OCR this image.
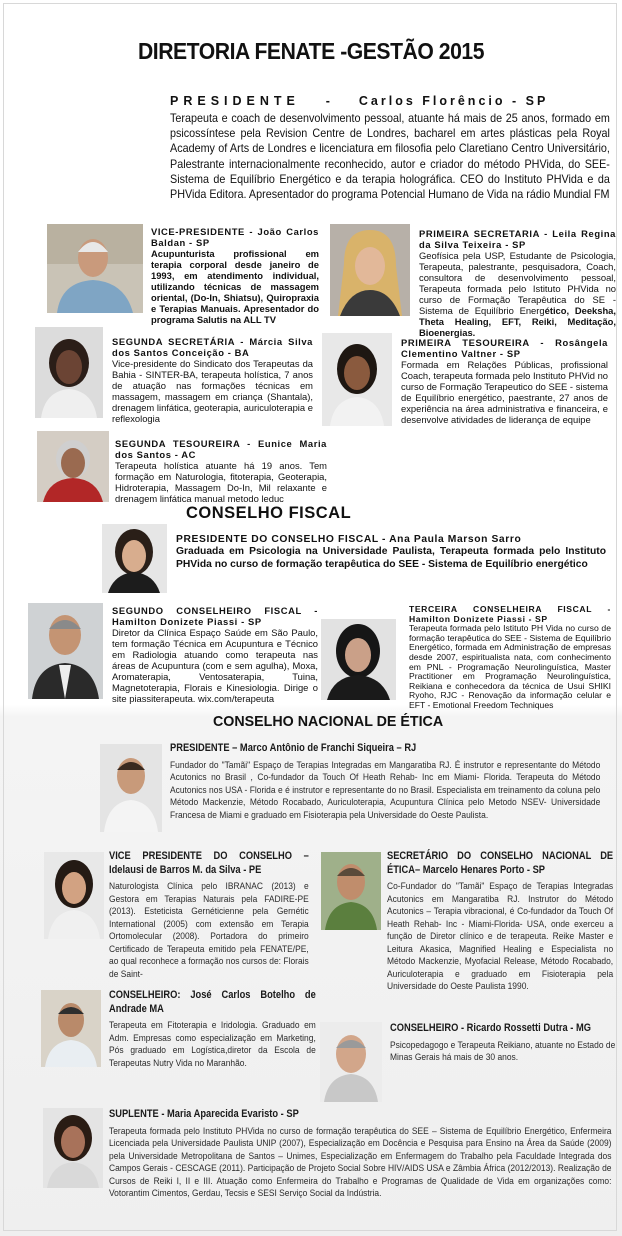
DIRETORIA FENATE -GESTÃO 2015
PRESIDENTE - Carlos Florêncio - SP
Terapeuta e coach de desenvolvimento pessoal, atuante há mais de 25 anos, formado em psicossíntese pela Revision Centre de Londres, bacharel em artes plásticas pela Royal Academy of Arts de Londres e licenciatura em filosofia pelo Claretiano Centro Universitário, Palestrante internacionalmente reconhecido, autor e criador do método PHVida, do SEE-Sistema de Equilíbrio Energético e da terapia holográfica. CEO do Instituto PHVida e da PHVida Editora. Apresentador do programa Potencial Humano de Vida na rádio Mundial FM
VICE-PRESIDENTE - João Carlos Baldan - SP
Acupunturista profissional em terapia corporal desde janeiro de 1993, em atendimento individual, utilizando técnicas de massagem oriental, (Do-In, Shiatsu), Quiropraxia e Terapias Manuais. Apresentador do programa Salutis na ALL TV
PRIMEIRA SECRETARIA - Leila Regina da Silva Teixeira - SP
Geofísica pela USP, Estudante de Psicologia, Terapeuta, palestrante, pesquisadora, Coach, consultora de desenvolvimento pessoal, Terapeuta formada pelo Istituto PHVida no curso de Formação Terapêutica do SE - Sistema de Equilíbrio Energético, Deeksha, Theta Healing, EFT, Reiki, Meditação, Bioenergias.
SEGUNDA SECRETÁRIA - Márcia Silva dos Santos Conceição - BA
Vice-presidente do Sindicato dos Terapeutas da Bahia - SINTER-BA, terapeuta holística, 7 anos de atuação nas formações técnicas em massagem, massagem em criança (Shantala), drenagem linfática, geoterapia, auriculoterapia e reflexologia
PRIMEIRA TESOUREIRA - Rosângela Clementino Valtner - SP
Formada em Relações Públicas, profissional Coach, terapeuta formada pelo Instituto PHVid no curso de Formação Terapeutico do SEE - sistema de Equilíbrio energético, paestrante, 27 anos de experiência na área administrativa e financeira, e desenvolve atividades de liderança de equipe
SEGUNDA TESOUREIRA - Eunice Maria dos Santos - AC
Terapeuta holística atuante há 19 anos. Tem formação em Naturologia, fitoterapia, Geoterapia, Hidroterapia, Massagem Do-In, Mil relaxante e drenagem linfática manual metodo leduc
CONSELHO FISCAL
PRESIDENTE DO CONSELHO FISCAL - Ana Paula Marson Sarro
Graduada em Psicologia na Universidade Paulista, Terapeuta formada pelo Instituto PHVida no curso de formação terapêutica do SEE - Sistema de Equilíbrio energético
SEGUNDO CONSELHEIRO FISCAL - Hamilton Donizete Piassi - SP
Diretor da Clínica Espaço Saúde em São Paulo, tem formação Técnica em Acupuntura e Técnico em Radiologia atuando como terapeuta nas áreas de Acupuntura (com e sem agulha), Moxa, Aromaterapia, Ventosaterapia, Tuina, Magnetoterapia, Florais e Kinesiologia. Dirige o site piassiterapeuta. wix.com/terapeuta
TERCEIRA CONSELHEIRA FISCAL - Hamilton Donizete Piassi - SP
Terapeuta formada pelo Istituto PH Vida no curso de formação terapêutica do SEE - Sistema de Equilíbrio Energético, formada em Administração de empresas desde 2007, espiritualista nata, com conhecimento em PNL - Programação Neurolinguística, Master Practitioner em Programação Neurolinguística, Reikiana e conhecedora da técnica de Usui SHIKI Ryoho, RJC - Renovação da informação celular e EFT - Emotional Freedom Techniques
CONSELHO NACIONAL DE ÉTICA
PRESIDENTE – Marco Antônio de Franchi Siqueira – RJ
Fundador do "Tamãi" Espaço de Terapias Integradas em Mangaratiba RJ. É instrutor e representante do Método Acutonics no Brasil , Co-fundador da Touch Of Heath Rehab- Inc em Miami- Florida. Terapeuta do Método Acutonics nos USA - Florida e é instrutor e representante do no Brasil. Especialista em treinamento da coluna pelo Método Mackenzie, Método Rocabado, Auriculoterapia, Acupuntura Clínica pelo Metodo NSEV- Universidade Francesa de Miami e graduado em Fisioterapia pela Universidade do Oeste Paulista.
VICE PRESIDENTE DO CONSELHO – Idelausi de Barros M. da Silva - PE
Naturologista Clínica pelo IBRANAC (2013) e Gestora em Terapias Naturais pela FADIRE-PE (2013). Esteticista Gernéticienne pela Gernétic International (2005) com extensão em Terapia Ortomolecular (2008). Portadora do primeiro Certificado de Terapeuta emitido pela FENATE/PE, ao qual reconhece a formação nos cursos de: Florais de Saint-
SECRETÁRIO DO CONSELHO NACIONAL DE ÉTICA– Marcelo Henares Porto - SP
Co-Fundador do "Tamãi" Espaço de Terapias Integradas Acutonics em Mangaratiba RJ. Instrutor do Método Acutonics – Terapia vibracional, é Co-fundador da Touch Of Heath Rehab- Inc - Miami-Florida- USA, onde exerceu a função de Diretor clínico e de terapeuta. Reike Master e Leitura Akasica, Magnified Healing e Especialista no Método Mackenzie, Myofacial Release, Método Rocabado, Auriculoterapia e graduado em Fisioterapia pela Universidade do Oeste Paulista 1990.
CONSELHEIRO: José Carlos Botelho de Andrade MA
Terapeuta em Fitoterapia e Iridologia. Graduado em Adm. Empresas como especialização em Marketing, Pós graduado em Logística,diretor da Escola de Terapeutas Nutry Vida no Maranhão.
CONSELHEIRO - Ricardo Rossetti Dutra - MG
Psicopedagogo e Terapeuta Reikiano, atuante no Estado de Minas Gerais há mais de 30 anos.
SUPLENTE - Maria Aparecida Evaristo - SP
Terapeuta formada pelo Instituto PHVida no curso de formação terapêutica do SEE – Sistema de Equilíbrio Energético, Enfermeira Licenciada pela Universidade Paulista UNIP (2007), Especialização em Docência e Pesquisa para Ensino na Área da Saúde (2009) pela Universidade Metropolitana de Santos – Unimes, Especialização em Enfermagem do Trabalho pela Faculdade Integrada dos Campos Gerais - CESCAGE (2011). Participação de Projeto Social Sobre HIV/AIDS USA e Zâmbia África (2012/2013). Realização de Cursos de Reiki I, II e III. Atuação como Enfermeira do Trabalho e Programas de Qualidade de Vida em organizações como: Votorantim Cimentos, Gerdau, Tecsis e SESI Serviço Social da Indústria.
